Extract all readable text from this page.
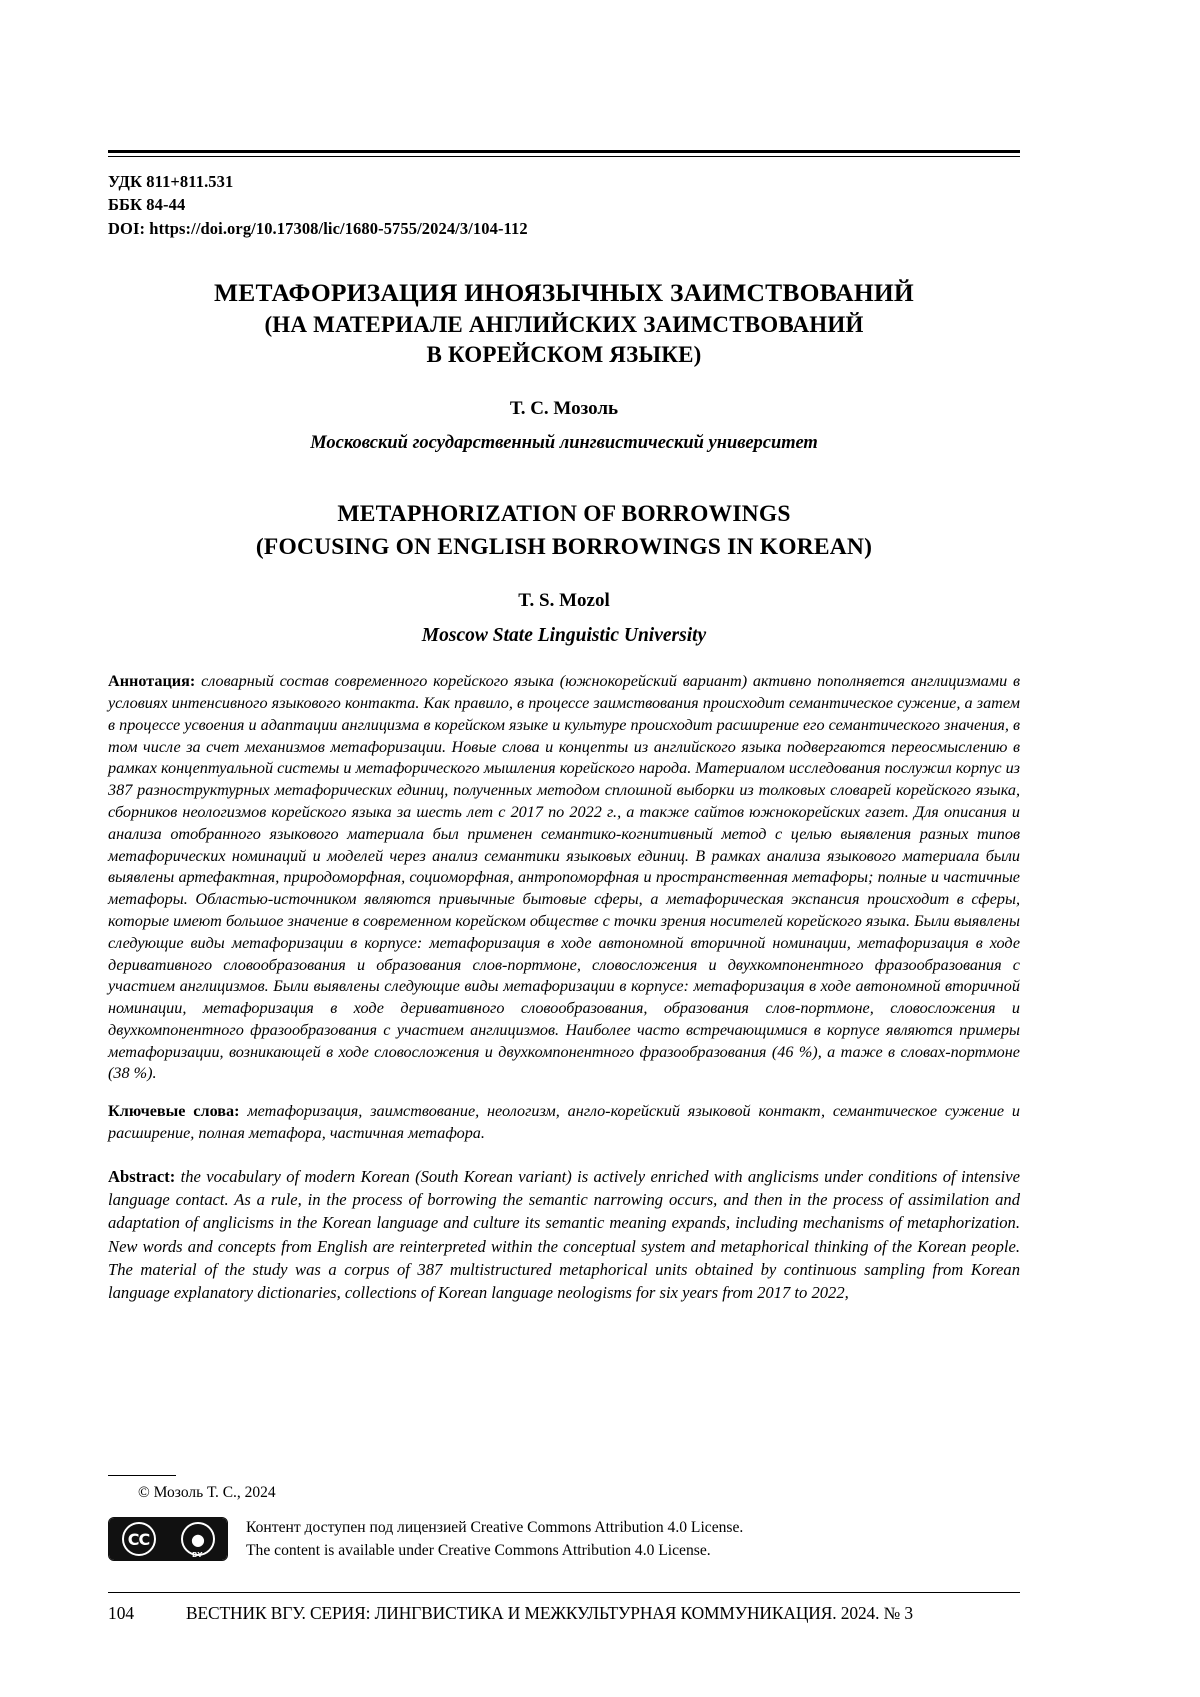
УДК 811+811.531
ББК 84-44
DOI: https://doi.org/10.17308/lic/1680-5755/2024/3/104-112
МЕТАФОРИЗАЦИЯ ИНОЯЗЫЧНЫХ ЗАИМСТВОВАНИЙ
(НА МАТЕРИАЛЕ АНГЛИЙСКИХ ЗАИМСТВОВАНИЙ
В КОРЕЙСКОМ ЯЗЫКЕ)
Т. С. Мозоль
Московский государственный лингвистический университет
METAPHORIZATION OF BORROWINGS
(FOCUSING ON ENGLISH BORROWINGS IN KOREAN)
T. S. Mozol
Moscow State Linguistic University

Аннотация: словарный состав современного корейского языка (южнокорейский вариант) активно пополняется англицизмами в условиях интенсивного языкового контакта. Как правило, в процессе заимствования происходит семантическое сужение, а затем в процессе усвоения и адаптации англицизма в корейском языке и культуре происходит расширение его семантического значения, в том числе за счет механизмов метафоризации. Новые слова и концепты из английского языка подвергаются переосмыслению в рамках концептуальной системы и метафорического мышления корейского народа. Материалом исследования послужил корпус из 387 разноструктурных метафорических единиц, полученных методом сплошной выборки из толковых словарей корейского языка, сборников неологизмов корейского языка за шесть лет с 2017 по 2022 г., а также сайтов южнокорейских газет. Для описания и анализа отобранного языкового материала был применен семантико-когнитивный метод с целью выявления разных типов метафорических номинаций и моделей через анализ семантики языковых единиц. В рамках анализа языкового материала были выявлены артефактная, природоморфная, социоморфная, антропоморфная и пространственная метафоры; полные и частичные метафоры. Областью-источником являются привычные бытовые сферы, а метафорическая экспансия происходит в сферы, которые имеют большое значение в современном корейском обществе с точки зрения носителей корейского языка. Были выявлены следующие виды метафоризации в корпусе: метафоризация в ходе автономной вторичной номинации, метафоризация в ходе деривативного словообразования и образования слов-портмоне, словосложения и двухкомпонентного фразообразования с участием англицизмов. Были выявлены следующие виды метафоризации в корпусе: метафоризация в ходе автономной вторичной номинации, метафоризация в ходе деривативного словообразования, образования слов-портмоне, словосложения и двухкомпонентного фразообразования с участием англицизмов. Наиболее часто встречающимися в корпусе являются примеры метафоризации, возникающей в ходе словосложения и двухкомпонентного фразообразования (46 %), а таже в словах-портмоне (38 %).

Ключевые слова: метафоризация, заимствование, неологизм, англо-корейский языковой контакт, семантическое сужение и расширение, полная метафора, частичная метафора.

Abstract: the vocabulary of modern Korean (South Korean variant) is actively enriched with anglicisms under conditions of intensive language contact. As a rule, in the process of borrowing the semantic narrowing occurs, and then in the process of assimilation and adaptation of anglicisms in the Korean language and culture its semantic meaning expands, including mechanisms of metaphorization. New words and concepts from English are reinterpreted within the conceptual system and metaphorical thinking of the Korean people. The material of the study was a corpus of 387 multistructured metaphorical units obtained by continuous sampling from Korean language explanatory dictionaries, collections of Korean language neologisms for six years from 2017 to 2022,

© Мозоль Т. С., 2024
CC	●
BY
Контент доступен под лицензией Creative Commons Attribution 4.0 License.
The content is available under Creative Commons Attribution 4.0 License.
104	ВЕСТНИК ВГУ. СЕРИЯ: ЛИНГВИСТИКА И МЕЖКУЛЬТУРНАЯ КОММУНИКАЦИЯ. 2024. № 3
